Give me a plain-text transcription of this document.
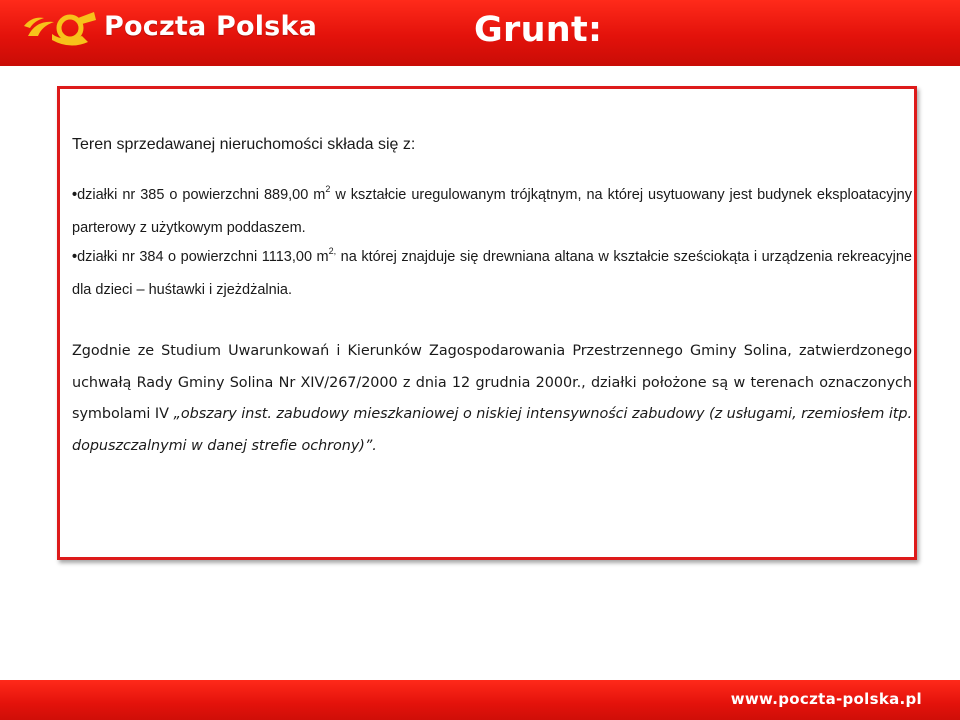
Poczta Polska	Grunt:
Teren sprzedawanej nieruchomości składa się z:
•działki nr 385 o powierzchni 889,00 $m^2$ w kształcie uregulowanym trójkątnym, na której usytuowany jest budynek eksploatacyjny parterowy z użytkowym poddaszem.
•działki nr 384 o powierzchni 1113,00 $m^{2,}$ na której znajduje się drewniana altana w kształcie sześciokąta i urządzenia rekreacyjne dla dzieci – huśtawki i zjeżdżalnia.
Zgodnie ze Studium Uwarunkowań i Kierunków Zagospodarowania Przestrzennego Gminy Solina, zatwierdzonego uchwałą Rady Gminy Solina Nr XIV/267/2000 z dnia 12 grudnia 2000r., działki położone są w terenach oznaczonych symbolami IV „obszary inst. zabudowy mieszkaniowej o niskiej intensywności zabudowy (z usługami, rzemiosłem itp. dopuszczalnymi w danej strefie ochrony)”.
www.poczta-polska.pl
